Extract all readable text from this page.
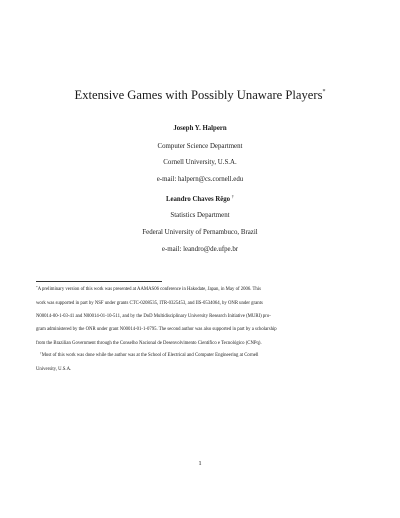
Extensive Games with Possibly Unaware Players*
Joseph Y. Halpern
Computer Science Department
Cornell University, U.S.A.
e-mail: halpern@cs.cornell.edu
Leandro Chaves Rêgo †
Statistics Department
Federal University of Pernambuco, Brazil
e-mail: leandro@de.ufpe.br
*A preliminary version of this work was presented at AAMAS06 conference in Hakodate, Japan, in May of 2006. This
work was supported in part by NSF under grants CTC-0208535, ITR-0325453, and IIS-0534064, by ONR under grants
N00014-00-1-03-41 and N00014-01-10-511, and by the DoD Multidisciplinary University Research Initiative (MURI) pro-
gram administered by the ONR under grant N00014-01-1-0795. The second author was also supported in part by a scholarship
from the Brazilian Government through the Conselho Nacional de Desenvolvimento Científico e Tecnológico (CNPq).
†Most of this work was done while the author was at the School of Electrical and Computer Engineering at Cornell
University, U.S.A.
1
